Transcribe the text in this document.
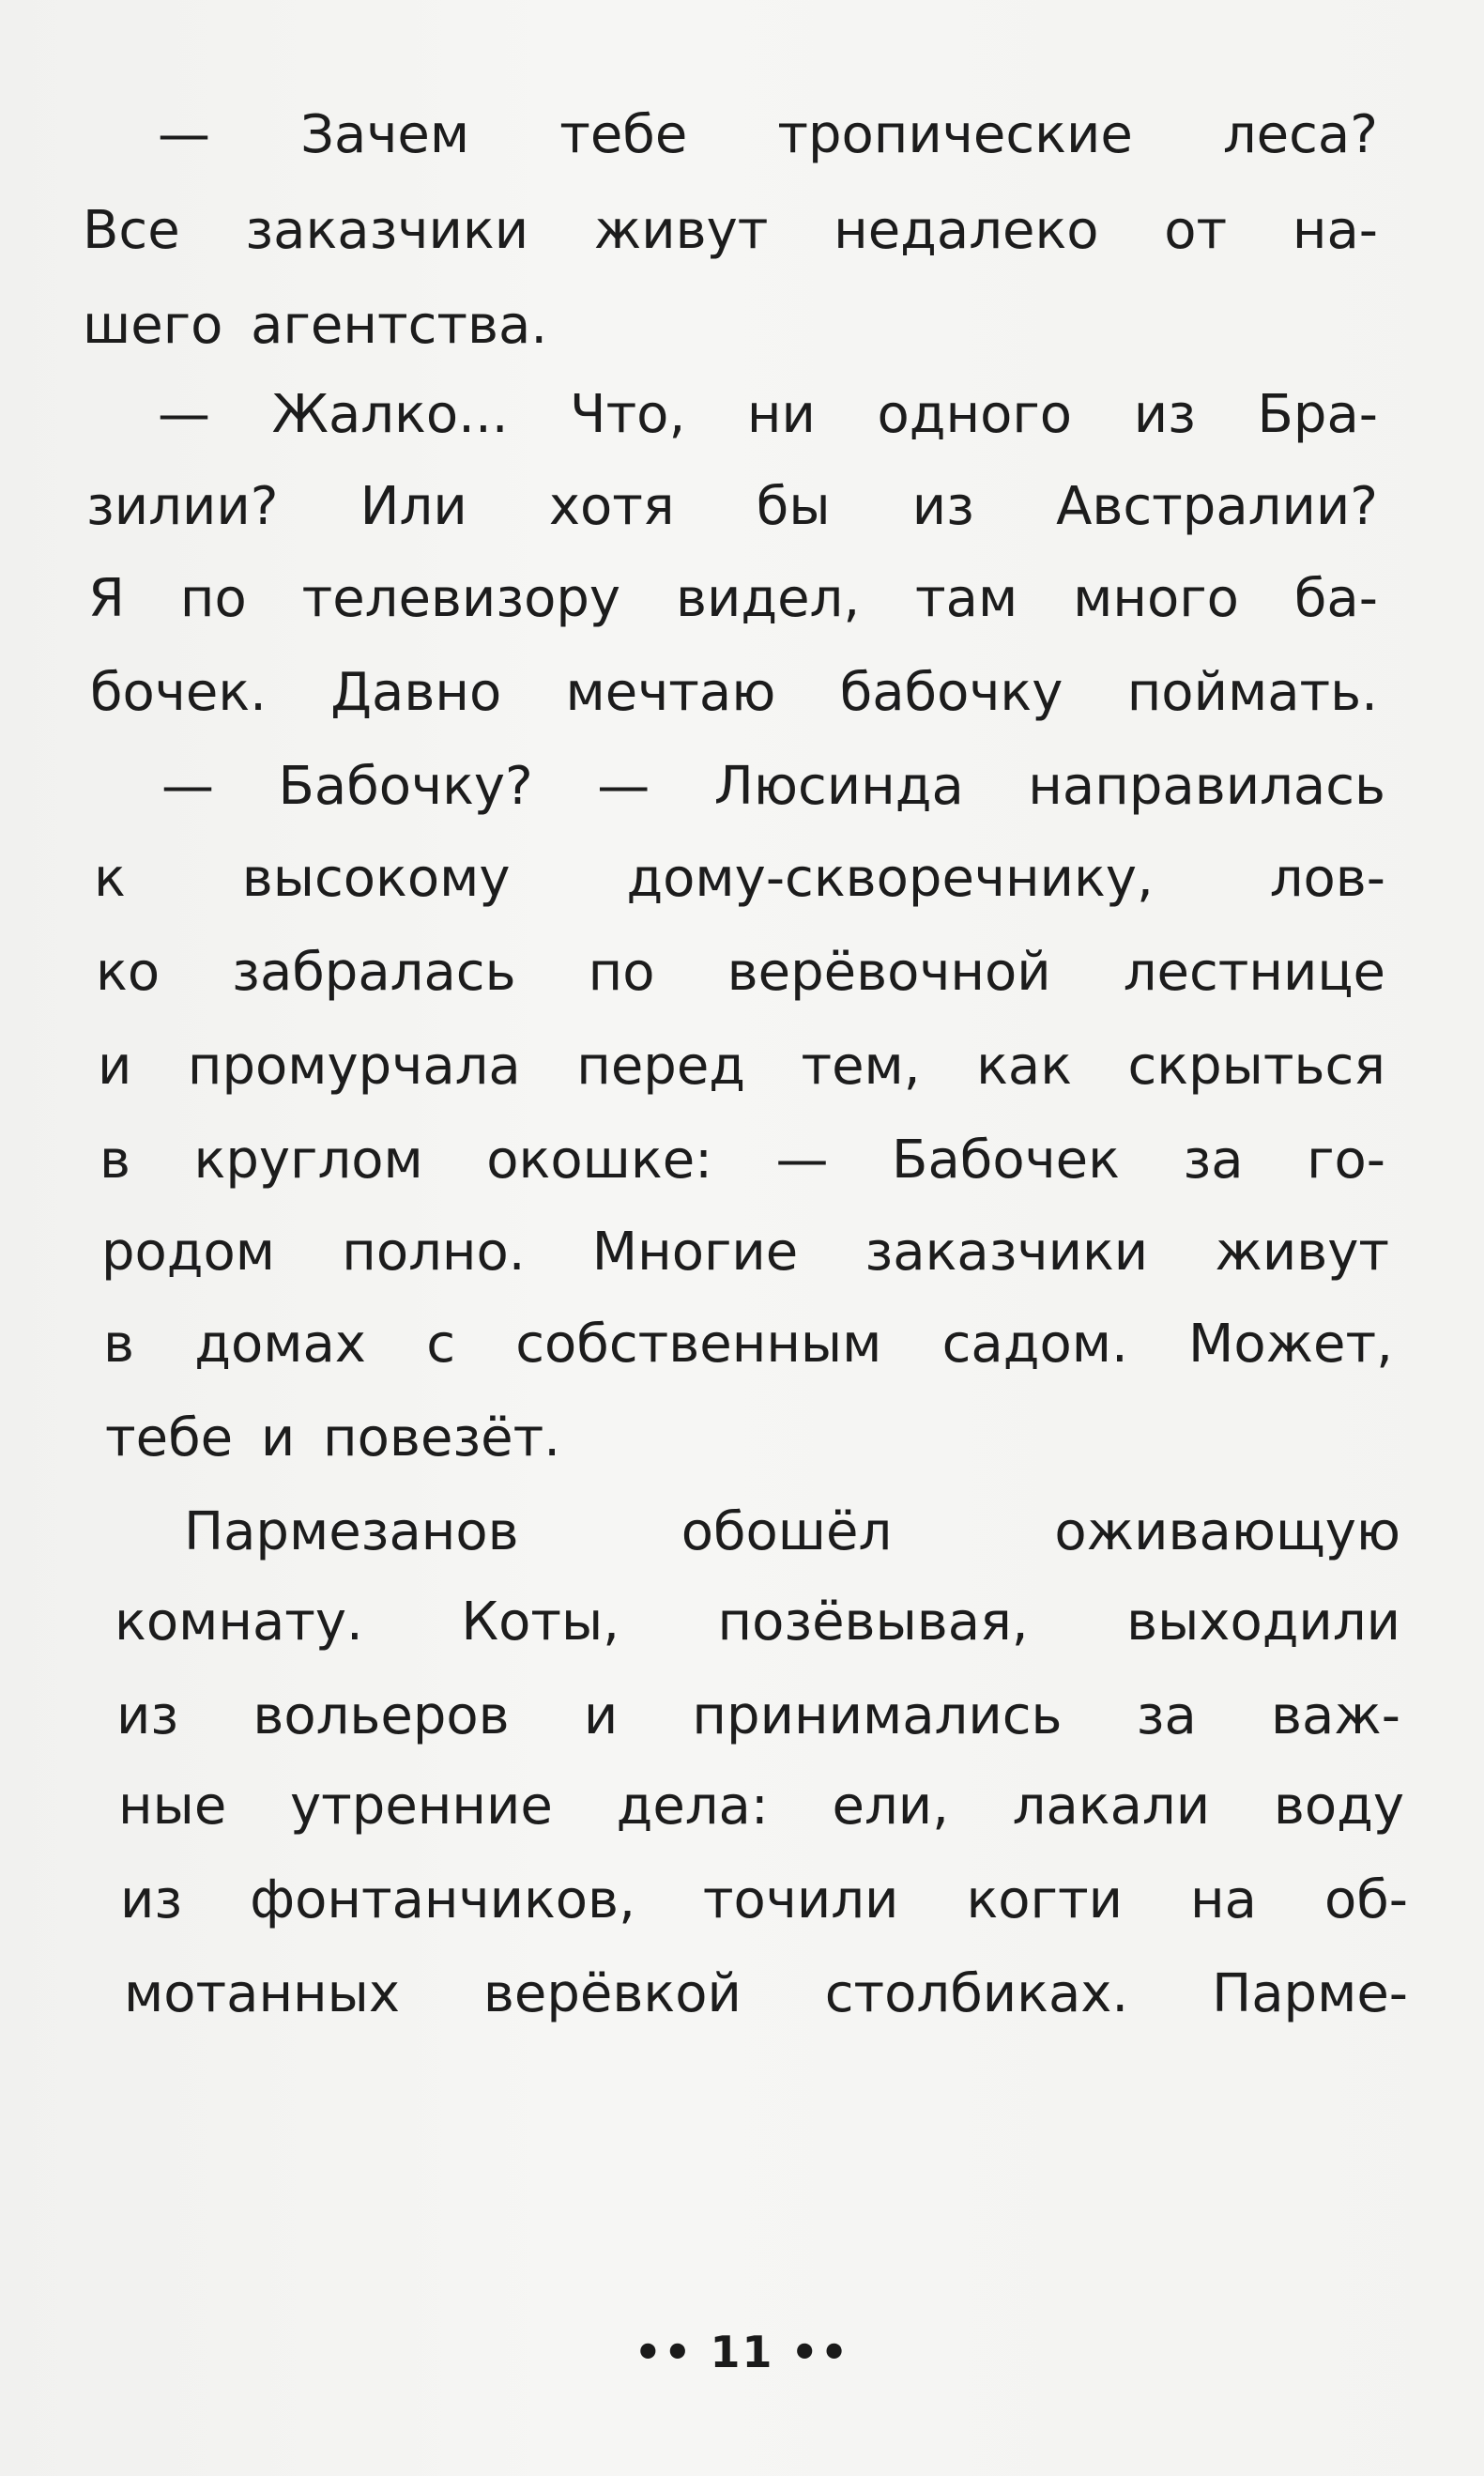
— Зачем тебе тропические леса?
Все заказчики живут недалеко от на-
шего агентства.
— Жалко... Что, ни одного из Бра-
зилии? Или хотя бы из Австралии?
Я по телевизору видел, там много ба-
бочек. Давно мечтаю бабочку поймать.
— Бабочку? — Люсинда направилась
к высокому дому-скворечнику, лов-
ко забралась по верёвочной лестнице
и промурчала перед тем, как скрыться
в круглом окошке: — Бабочек за го-
родом полно. Многие заказчики живут
в домах с собственным садом. Может,
тебе и повезёт.
Пармезанов	обошёл	оживающую
комнату. Коты, позёвывая, выходили
из вольеров и принимались за важ-
ные утренние дела: ели, лакали воду
из фонтанчиков, точили когти на об-
мотанных верёвкой столбиках. Парме-
•• 11 ••
